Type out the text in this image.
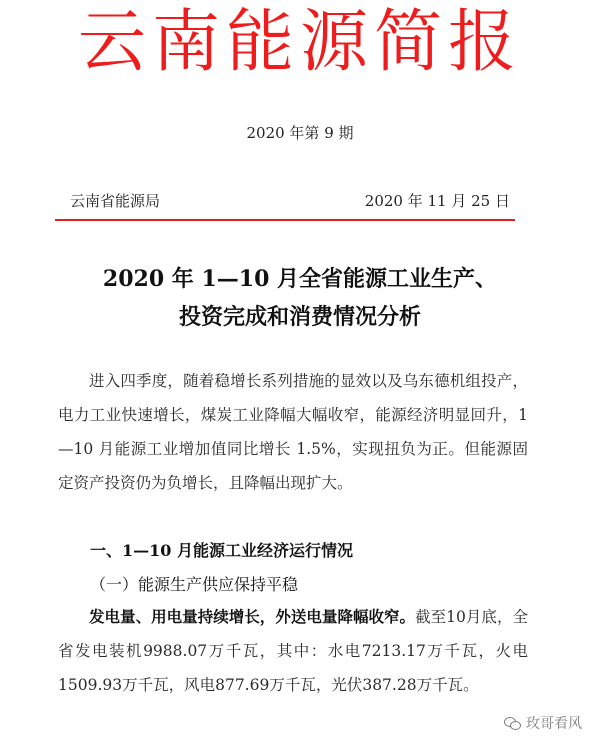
云南能源简报
2020 年第 9 期
云南省能源局	2020 年 11 月 25 日
2020 年 1—10 月全省能源工业生产、
投资完成和消费情况分析

进入四季度，随着稳增长系列措施的显效以及乌东德机组投产，电力工业快速增长，煤炭工业降幅大幅收窄，能源经济明显回升，1—10 月能源工业增加值同比增长 1.5%，实现扭负为正。但能源固定资产投资仍为负增长，且降幅出现扩大。

一、1—10 月能源工业经济运行情况
（一）能源生产供应保持平稳

发电量、用电量持续增长，外送电量降幅收窄。截至10月底，全省发电装机9988.07万千瓦，其中：水电7213.17万千瓦，火电1509.93万千瓦，风电877.69万千瓦，光伏387.28万千瓦。

玫哥看风
